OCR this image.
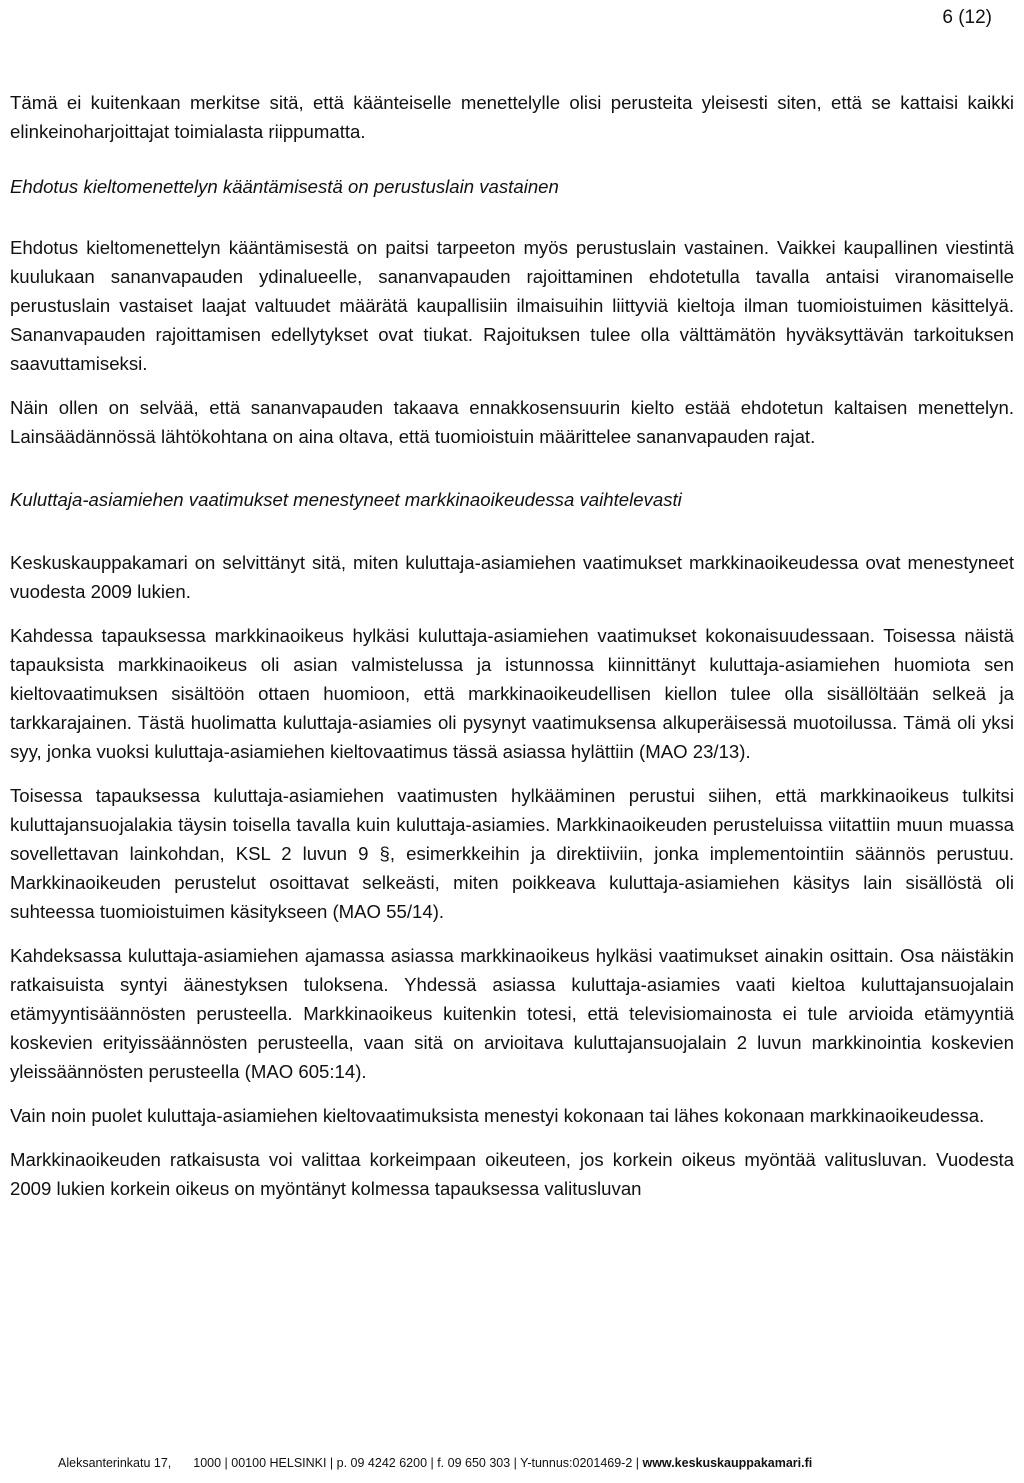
6 (12)

Tämä ei kuitenkaan merkitse sitä, että käänteiselle menettelylle olisi perusteita yleisesti siten, että se kattaisi kaikki elinkeinoharjoittajat toimialasta riippumatta.

Ehdotus kieltomenettelyn kääntämisestä on perustuslain vastainen

Ehdotus kieltomenettelyn kääntämisestä on paitsi tarpeeton myös perustuslain vastainen. Vaikkei kaupallinen viestintä kuulukaan sananvapauden ydinalueelle, sananvapauden rajoittaminen ehdotetulla tavalla antaisi viranomaiselle perustuslain vastaiset laajat valtuudet määrätä kaupallisiin ilmaisuihin liittyviä kieltoja ilman tuomioistuimen käsittelyä. Sananvapauden rajoittamisen edellytykset ovat tiukat. Rajoituksen tulee olla välttämätön hyväksyttävän tarkoituksen saavuttamiseksi.

Näin ollen on selvää, että sananvapauden takaava ennakkosensuurin kielto estää ehdotetun kaltaisen menettelyn. Lainsäädännössä lähtökohtana on aina oltava, että tuomioistuin määrittelee sananvapauden rajat.

Kuluttaja-asiamiehen vaatimukset menestyneet markkinaoikeudessa vaihtelevasti

Keskuskauppakamari on selvittänyt sitä, miten kuluttaja-asiamiehen vaatimukset markkinaoikeudessa ovat menestyneet vuodesta 2009 lukien.

Kahdessa tapauksessa markkinaoikeus hylkäsi kuluttaja-asiamiehen vaatimukset kokonaisuudessaan. Toisessa näistä tapauksista markkinaoikeus oli asian valmistelussa ja istunnossa kiinnittänyt kuluttaja-asiamiehen huomiota sen kieltovaatimuksen sisältöön ottaen huomioon, että markkinaoikeudellisen kiellon tulee olla sisällöltään selkeä ja tarkkarajainen. Tästä huolimatta kuluttaja-asiamies oli pysynyt vaatimuksensa alkuperäisessä muotoilussa. Tämä oli yksi syy, jonka vuoksi kuluttaja-asiamiehen kieltovaatimus tässä asiassa hylättiin (MAO 23/13).

Toisessa tapauksessa kuluttaja-asiamiehen vaatimusten hylkääminen perustui siihen, että markkinaoikeus tulkitsi kuluttajansuojalakia täysin toisella tavalla kuin kuluttaja-asiamies. Markkinaoikeuden perusteluissa viitattiin muun muassa sovellettavan lainkohdan, KSL 2 luvun 9 §, esimerkkeihin ja direktiiviin, jonka implementointiin säännös perustuu. Markkinaoikeuden perustelut osoittavat selkeästi, miten poikkeava kuluttaja-asiamiehen käsitys lain sisällöstä oli suhteessa tuomioistuimen käsitykseen (MAO 55/14).

Kahdeksassa kuluttaja-asiamiehen ajamassa asiassa markkinaoikeus hylkäsi vaatimukset ainakin osittain. Osa näistäkin ratkaisuista syntyi äänestyksen tuloksena. Yhdessä asiassa kuluttaja-asiamies vaati kieltoa kuluttajansuojalain etämyyntisäännösten perusteella. Markkinaoikeus kuitenkin totesi, että televisiomainosta ei tule arvioida etämyyntiä koskevien erityissäännösten perusteella, vaan sitä on arvioitava kuluttajansuojalain 2 luvun markkinointia koskevien yleissäännösten perusteella (MAO 605:14).

Vain noin puolet kuluttaja-asiamiehen kieltovaatimuksista menestyi kokonaan tai lähes kokonaan markkinaoikeudessa.

Markkinaoikeuden ratkaisusta voi valittaa korkeimpaan oikeuteen, jos korkein oikeus myöntää valitusluvan. Vuodesta 2009 lukien korkein oikeus on myöntänyt kolmessa tapauksessa valitusluvan

Aleksanterinkatu 17, 1000 | 00100 HELSINKI | p. 09 4242 6200 | f. 09 650 303 | Y-tunnus:0201469-2 | www.keskuskauppakamari.fi
